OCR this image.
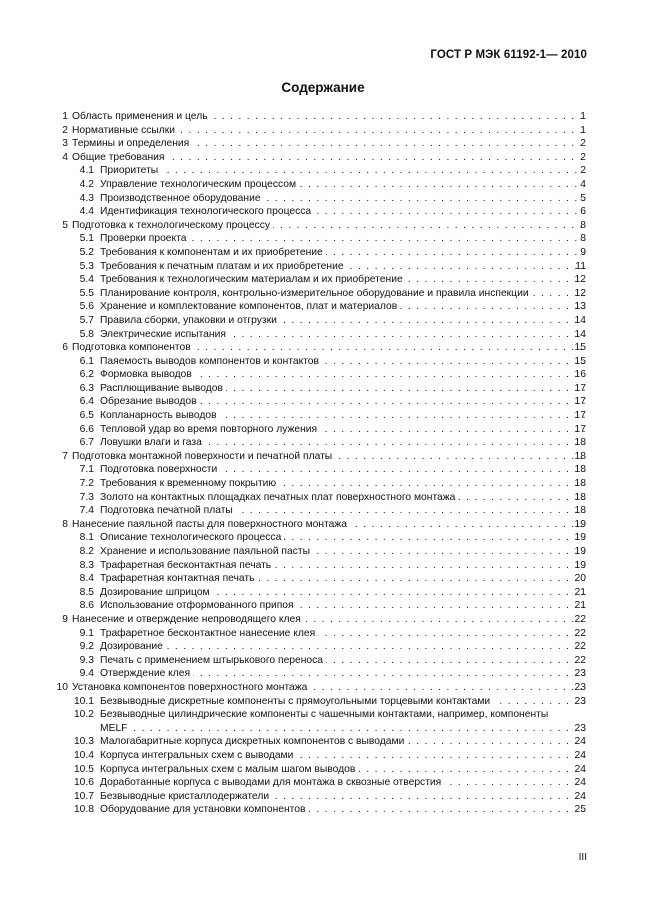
ГОСТ Р МЭК 61192-1— 2010
Содержание
1 Область применения и цель . . .	1
2 Нормативные ссылки . . .	1
3 Термины и определения . . .	2
4 Общие требования . . .	2
4.1 Приоритеты . . .	2
4.2 Управление технологическим процессом . . .	4
4.3 Производственное оборудование . . .	5
4.4 Идентификация технологического процесса . . .	6
5 Подготовка к технологическому процессу . . .	8
5.1 Проверки проекта . . .	8
5.2 Требования к компонентам и их приобретение . . .	9
5.3 Требования к печатным платам и их приобретение . . .	11
5.4 Требования к технологическим материалам и их приобретение . . .	12
5.5 Планирование контроля, контрольно-измерительное оборудование и правила инспекции . . .	12
5.6 Хранение и комплектование компонентов, плат и материалов . . .	13
5.7 Правила сборки, упаковки и отгрузки . . .	14
5.8 Электрические испытания . . .	14
6 Подготовка компонентов . . .	15
6.1 Паяемость выводов компонентов и контактов . . .	15
6.2 Формовка выводов . . .	16
6.3 Расплющивание выводов . . .	17
6.4 Обрезание выводов . . .	17
6.5 Копланарность выводов . . .	17
6.6 Тепловой удар во время повторного лужения . . .	17
6.7 Ловушки влаги и газа . . .	18
7 Подготовка монтажной поверхности и печатной платы . . .	18
7.1 Подготовка поверхности . . .	18
7.2 Требования к временному покрытию . . .	18
7.3 Золото на контактных площадках печатных плат поверхностного монтажа . . .	18
7.4 Подготовка печатной платы . . .	18
8 Нанесение паяльной пасты для поверхностного монтажа . . .	19
8.1 Описание технологического процесса . . .	19
8.2 Хранение и использование паяльной пасты . . .	19
8.3 Трафаретная бесконтактная печать . . .	19
8.4 Трафаретная контактная печать . . .	20
8.5 Дозирование шприцом . . .	21
8.6 Использование отформованного припоя . . .	21
9 Нанесение и отверждение непроводящего клея . . .	22
9.1 Трафаретное бесконтактное нанесение клея . . .	22
9.2 Дозирование . . .	22
9.3 Печать с применением штырькового переноса . . .	22
9.4 Отверждение клея . . .	23
10 Установка компонентов поверхностного монтажа . . .	23
10.1 Безвыводные дискретные компоненты с прямоугольными торцевыми контактами . . .	23
10.2 Безвыводные цилиндрические компоненты с чашечными контактами, например, компоненты
MELF
. . .	23
10.3 Малогабаритные корпуса дискретных компонентов с выводами . . .	24
10.4 Корпуса интегральных схем с выводами . . .	24
10.5 Корпуса интегральных схем с малым шагом выводов . . .	24
10.6 Доработанные корпуса с выводами для монтажа в сквозные отверстия . . .	24
10.7 Безвыводные кристаллодержатели . . .	24
10.8 Оборудование для установки компонентов . . .	25
III
